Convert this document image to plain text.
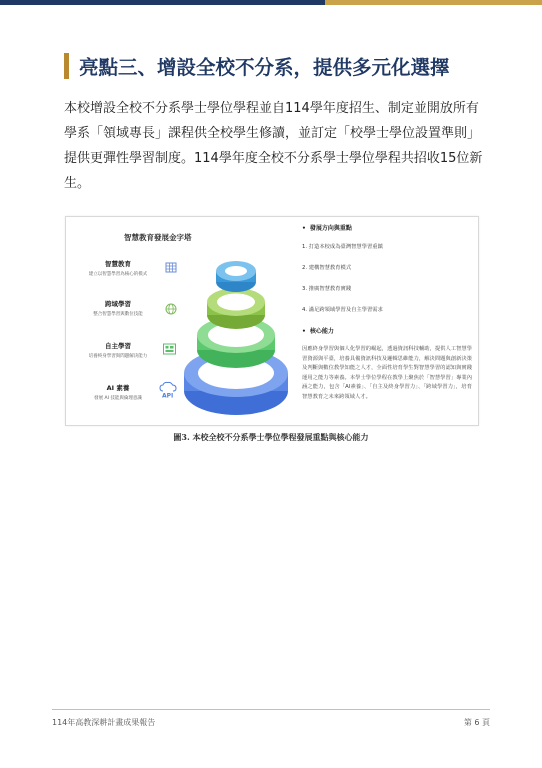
亮點三、增設全校不分系，提供多元化選擇
本校增設全校不分系學士學位學程並自114學年度招生、制定並開放所有學系「領域專長」課程供全校學生修讀，並訂定「校學士學位設置準則」提供更彈性學習制度。114學年度全校不分系學士學位學程共招收15位新生。
智慧教育發展金字塔
智慧教育
建立以智慧學習為核心的模式
跨域學習
整合智慧學習與數位技能
自主學習
培養終身學習與問題解決能力
AI 素養
發展 AI 技能與倫理意識	API
• 發展方向與重點
1. 打造本校成為臺灣智慧學習重鎮
2. 建構智慧教育模式
3. 推廣智慧教育實踐
4. 滿足跨領域學習及自主學習需求
• 核心能力
因應終身學習與個人化學習的崛起，透過資訊科技輔助，提供人工智慧學習資源與平臺，培養具備資訊科技及邏輯思維能力，解決問題與創新決策及判斷與數位教學知能之人才，全面性培育學生對智慧學習的認知與實踐運用之能力等素養。本學士學位學程在教學上聚焦於「智慧學習」專業內涵之能力，包含「AI素養」、「自主及終身學習力」、「跨域學習力」，培育智慧教育之未來跨領域人才。
圖3. 本校全校不分系學士學位學程發展重點與核心能力
114年高教深耕計畫成果報告	第 6 頁
